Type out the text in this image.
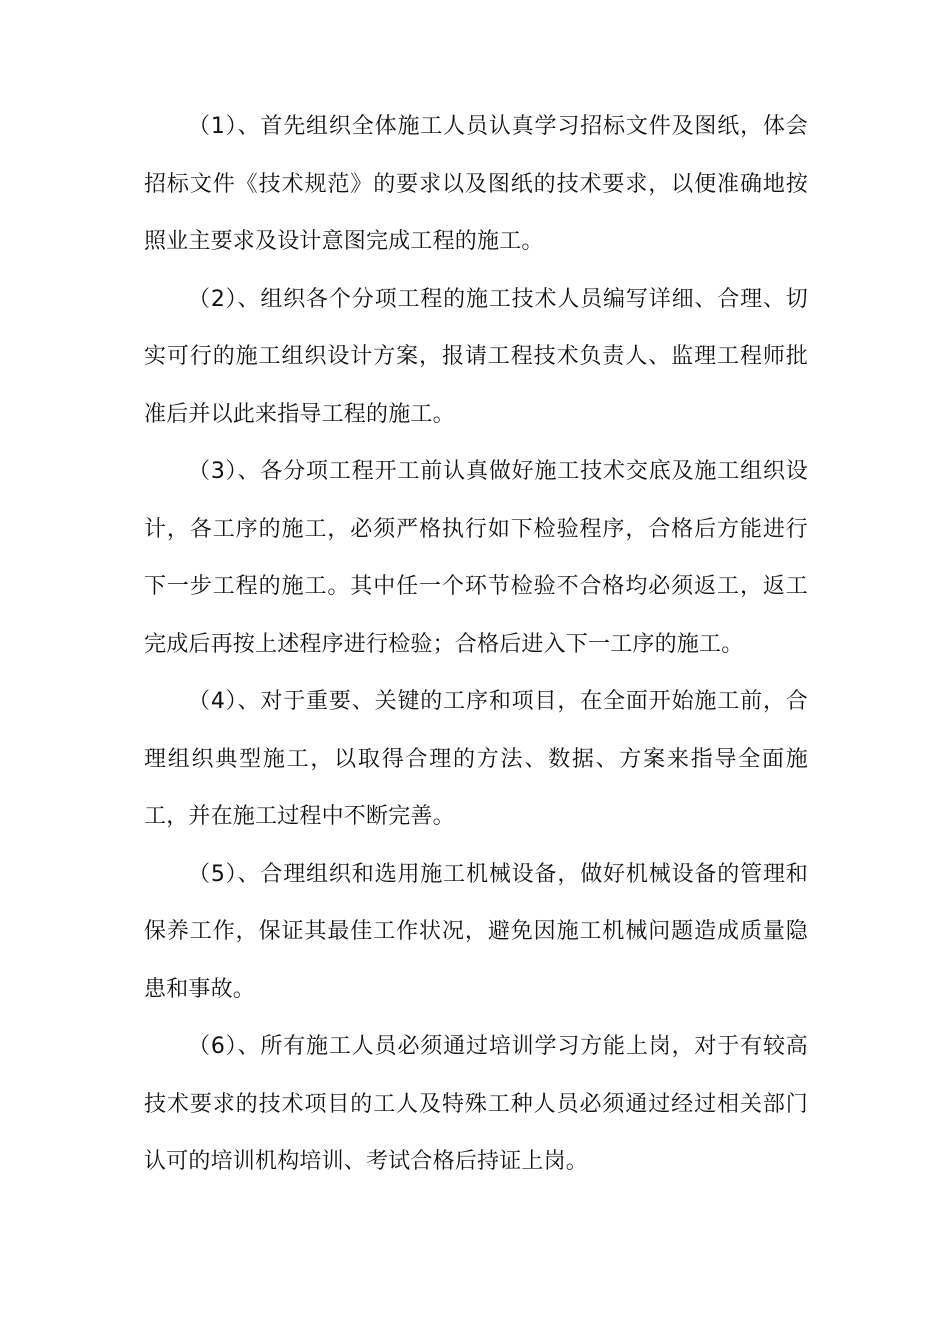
（1）、首先组织全体施工人员认真学习招标文件及图纸，体会招标文件《技术规范》的要求以及图纸的技术要求，以便准确地按照业主要求及设计意图完成工程的施工。

（2）、组织各个分项工程的施工技术人员编写详细、合理、切实可行的施工组织设计方案，报请工程技术负责人、监理工程师批准后并以此来指导工程的施工。

（3）、各分项工程开工前认真做好施工技术交底及施工组织设计，各工序的施工，必须严格执行如下检验程序，合格后方能进行下一步工程的施工。其中任一个环节检验不合格均必须返工，返工完成后再按上述程序进行检验；合格后进入下一工序的施工。

（4）、对于重要、关键的工序和项目，在全面开始施工前，合理组织典型施工，以取得合理的方法、数据、方案来指导全面施工，并在施工过程中不断完善。

（5）、合理组织和选用施工机械设备，做好机械设备的管理和保养工作，保证其最佳工作状况，避免因施工机械问题造成质量隐患和事故。

（6）、所有施工人员必须通过培训学习方能上岗，对于有较高技术要求的技术项目的工人及特殊工种人员必须通过经过相关部门认可的培训机构培训、考试合格后持证上岗。
